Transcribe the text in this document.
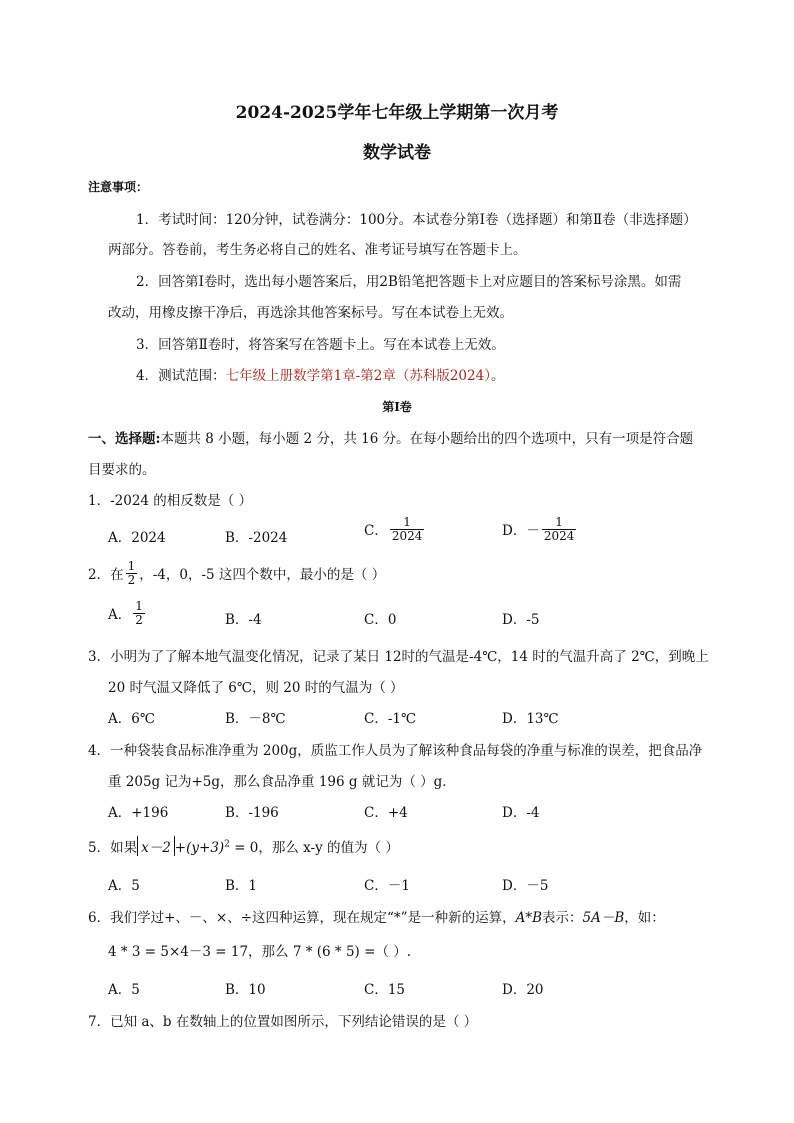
2024-2025学年七年级上学期第一次月考
数学试卷
注意事项：
1．考试时间：120分钟，试卷满分：100分。本试卷分第Ⅰ卷（选择题）和第Ⅱ卷（非选择题）
两部分。答卷前，考生务必将自己的姓名、准考证号填写在答题卡上。
2．回答第Ⅰ卷时，选出每小题答案后，用2B铅笔把答题卡上对应题目的答案标号涂黑。如需
改动，用橡皮擦干净后，再选涂其他答案标号。写在本试卷上无效。
3．回答第Ⅱ卷时，将答案写在答题卡上。写在本试卷上无效。
4．测试范围：七年级上册数学第1章-第2章（苏科版2024）。
第Ⅰ卷
一、选择题:本题共 8 小题，每小题 2 分，共 16 分。在每小题给出的四个选项中，只有一项是符合题
目要求的。
1．-2024 的相反数是（ ）
A．2024	B．-2024	C． $\frac{1}{2024}$	D．－ $\frac{1}{2024}$
2．在 $\frac{1}{2}$ ，-4，0，-5 这四个数中，最小的是（ ）
A． $\frac{1}{2}$	B．-4	C．0	D．-5
3．小明为了了解本地气温变化情况，记录了某日 12时的气温是-4℃，14 时的气温升高了 2℃，到晚上
20 时气温又降低了 6℃，则 20 时的气温为（ ）
A．6℃	B．－8℃	C．-1℃	D．13℃
4．一种袋装食品标准净重为 200g，质监工作人员为了解该种食品每袋的净重与标准的误差，把食品净
重 205g 记为+5g，那么食品净重 196 g 就记为（ ）g．
A．+196	B．-196	C．+4	D．-4
5．如果 $x-2 +(y+3)^2 = 0$，那么 x-y 的值为（ ）
A．5	B．1	C．－1	D．－5
6．我们学过+、－、×、÷这四种运算，现在规定“*”是一种新的运算，A*B表示：5A－B，如：
4 * 3 = 5×4－3 = 17，那么 7 * (6 * 5) =（ ）.
A．5	B．10	C．15	D．20
7．已知 a、b 在数轴上的位置如图所示，下列结论错误的是（ ）
